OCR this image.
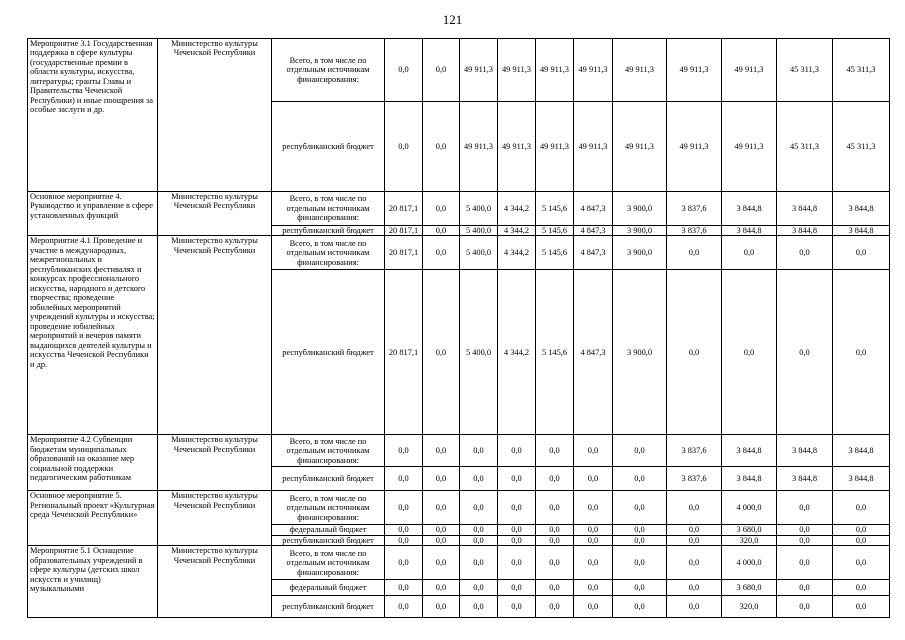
121
Мероприятие 3.1 Государственная поддержка в сфере культуры (государственные премии в области культуры, искусства, литературы; гранты Главы и Правительства Чеченской Республики) и иные поощрения за особые заслуги и др.	Министерство культуры Чеченской Республики	Всего, в том числе по отдельным источникам финансирования:	0,0	0,0	49 911,3	49 911,3	49 911,3	49 911,3	49 911,3	49 911,3	49 911,3	45 311,3	45 311,3
		республиканский бюджет	0,0	0,0	49 911,3	49 911,3	49 911,3	49 911,3	49 911,3	49 911,3	49 911,3	45 311,3	45 311,3
Основное мероприятие 4. Руководство и управление в сфере установленных функций	Министерство культуры Чеченской Республики	Всего, в том числе по отдельным источникам финансирования:	20 817,1	0,0	5 400,0	4 344,2	5 145,6	4 847,3	3 900,0	3 837,6	3 844,8	3 844,8	3 844,8
		республиканский бюджет	20 817,1	0,0	5 400,0	4 344,2	5 145,6	4 847,3	3 900,0	3 837,6	3 844,8	3 844,8	3 844,8
Мероприятие 4.1 Проведение и участие в международных, межрегиональных и республиканских фестивалях и конкурсах профессионального искусства, народного и детского творчества; проведение юбилейных мероприятий учреждений культуры и искусства; проведение юбилейных мероприятий и вечеров памяти выдающихся деятелей культуры и искусства Чеченской Республики и др.	Министерство культуры Чеченской Республики	Всего, в том числе по отдельным источникам финансирования:	20 817,1	0,0	5 400,0	4 344,2	5 145,6	4 847,3	3 900,0	0,0	0,0	0,0	0,0
		республиканский бюджет	20 817,1	0,0	5 400,0	4 344,2	5 145,6	4 847,3	3 900,0	0,0	0,0	0,0	0,0
Мероприятие 4.2 Субвенции бюджетам муниципальных образований на оказание мер социальной поддержки педагогическим работникам	Министерство культуры Чеченской Республики	Всего, в том числе по отдельным источникам финансирования:	0,0	0,0	0,0	0,0	0,0	0,0	0,0	3 837,6	3 844,8	3 844,8	3 844,8
		республиканский бюджет	0,0	0,0	0,0	0,0	0,0	0,0	0,0	3 837,6	3 844,8	3 844,8	3 844,8
Основное мероприятие 5. Региональный проект «Культурная среда Чеченской Республики»	Министерство культуры Чеченской Республики	Всего, в том числе по отдельным источникам финансирования:	0,0	0,0	0,0	0,0	0,0	0,0	0,0	0,0	4 000,0	0,0	0,0
		федеральный бюджет	0,0	0,0	0,0	0,0	0,0	0,0	0,0	0,0	3 680,0	0,0	0,0
		республиканский бюджет	0,0	0,0	0,0	0,0	0,0	0,0	0,0	0,0	320,0	0,0	0,0
Мероприятие 5.1 Оснащение образовательных учреждений в сфере культуры (детских школ искусств и училищ) музыкальными	Министерство культуры Чеченской Республики	Всего, в том числе по отдельным источникам финансирования:	0,0	0,0	0,0	0,0	0,0	0,0	0,0	0,0	4 000,0	0,0	0,0
		федеральный бюджет	0,0	0,0	0,0	0,0	0,0	0,0	0,0	0,0	3 680,0	0,0	0,0
		республиканский бюджет	0,0	0,0	0,0	0,0	0,0	0,0	0,0	0,0	320,0	0,0	0,0
